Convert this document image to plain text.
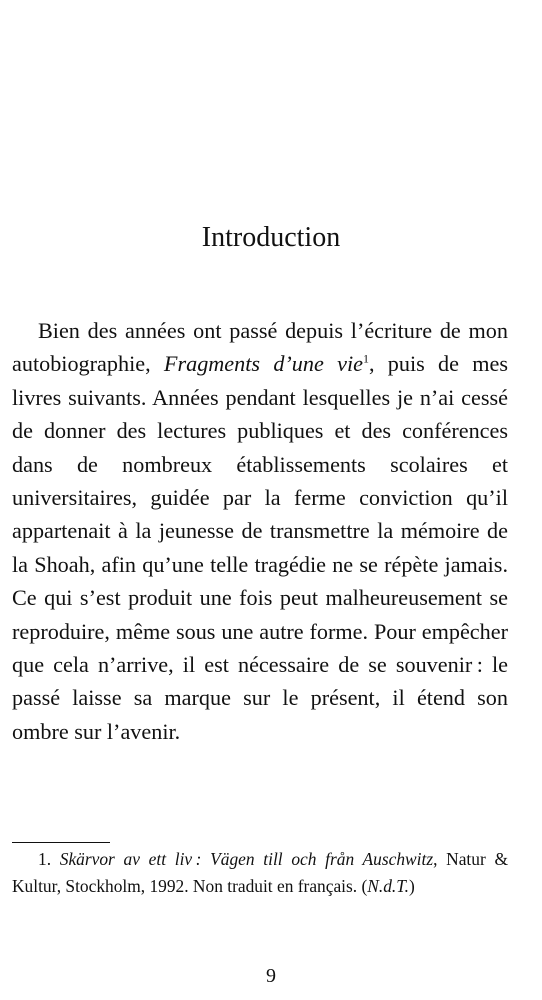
Introduction

Bien des années ont passé depuis l’écriture de mon autobiographie, Fragments d’une vie$^1$, puis de mes livres suivants. Années pendant lesquelles je n’ai cessé de donner des lectures publiques et des conférences dans de nombreux établissements scolaires et universitaires, guidée par la ferme conviction qu’il appartenait à la jeunesse de transmettre la mémoire de la Shoah, afin qu’une telle tragédie ne se répète jamais. Ce qui s’est produit une fois peut malheureusement se reproduire, même sous une autre forme. Pour empêcher que cela n’arrive, il est nécessaire de se souvenir : le passé laisse sa marque sur le présent, il étend son ombre sur l’avenir.

1. Skärvor av ett liv : Vägen till och från Auschwitz, Natur & Kultur, Stockholm, 1992. Non traduit en français. (N.d.T.)

9
